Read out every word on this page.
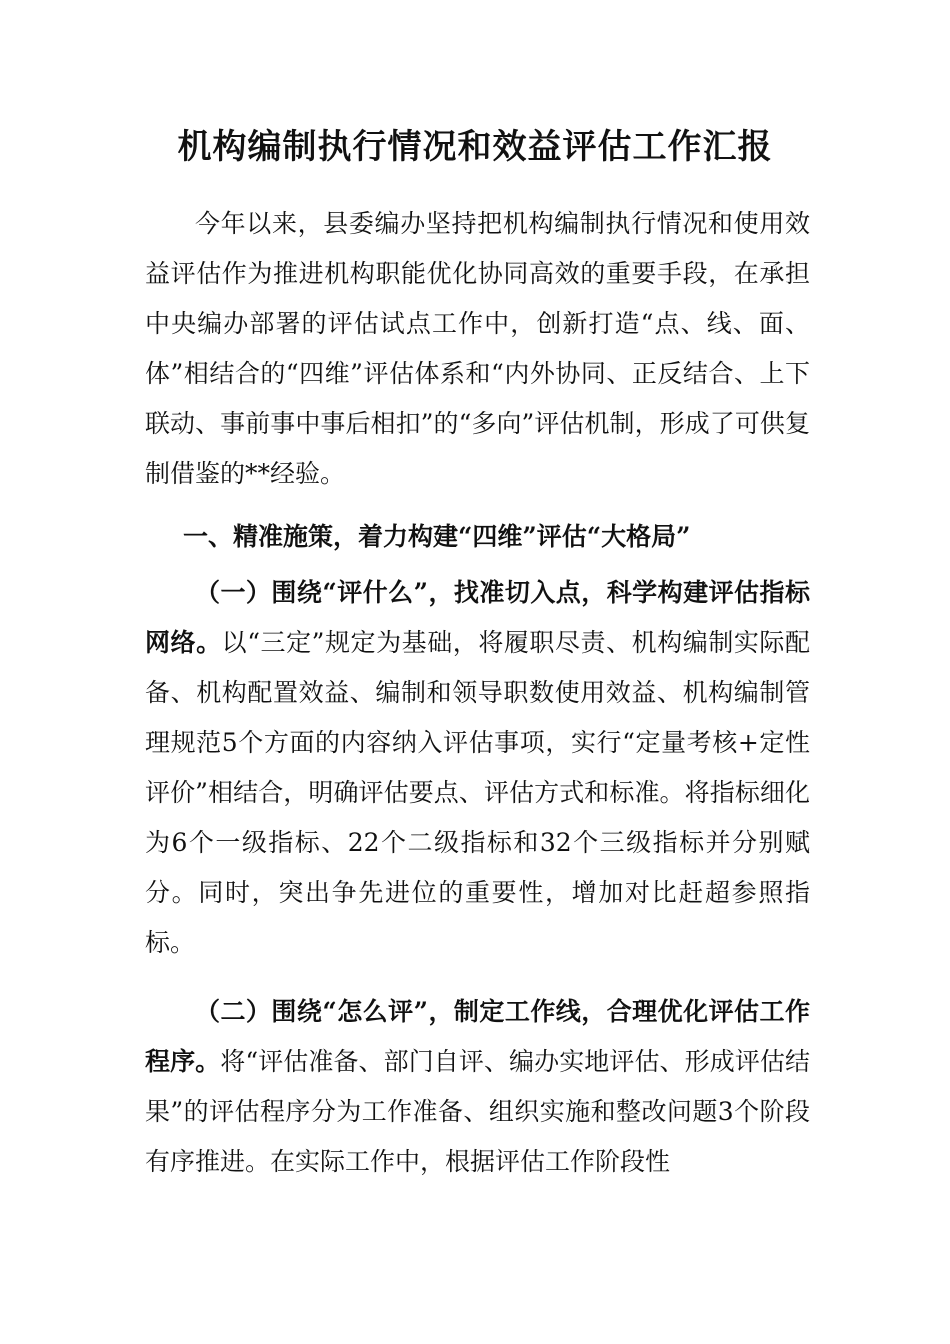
机构编制执行情况和效益评估工作汇报

今年以来，县委编办坚持把机构编制执行情况和使用效益评估作为推进机构职能优化协同高效的重要手段，在承担中央编办部署的评估试点工作中，创新打造“点、线、面、体”相结合的“四维”评估体系和“内外协同、正反结合、上下联动、事前事中事后相扣”的“多向”评估机制，形成了可供复制借鉴的**经验。

一、精准施策，着力构建“四维”评估“大格局”

（一）围绕“评什么”，找准切入点，科学构建评估指标网络。以“三定”规定为基础，将履职尽责、机构编制实际配备、机构配置效益、编制和领导职数使用效益、机构编制管理规范5个方面的内容纳入评估事项，实行“定量考核+定性评价”相结合，明确评估要点、评估方式和标准。将指标细化为6个一级指标、22个二级指标和32个三级指标并分别赋分。同时，突出争先进位的重要性，增加对比赶超参照指标。

（二）围绕“怎么评”，制定工作线，合理优化评估工作程序。将“评估准备、部门自评、编办实地评估、形成评估结果”的评估程序分为工作准备、组织实施和整改问题3个阶段有序推进。在实际工作中，根据评估工作阶段性
